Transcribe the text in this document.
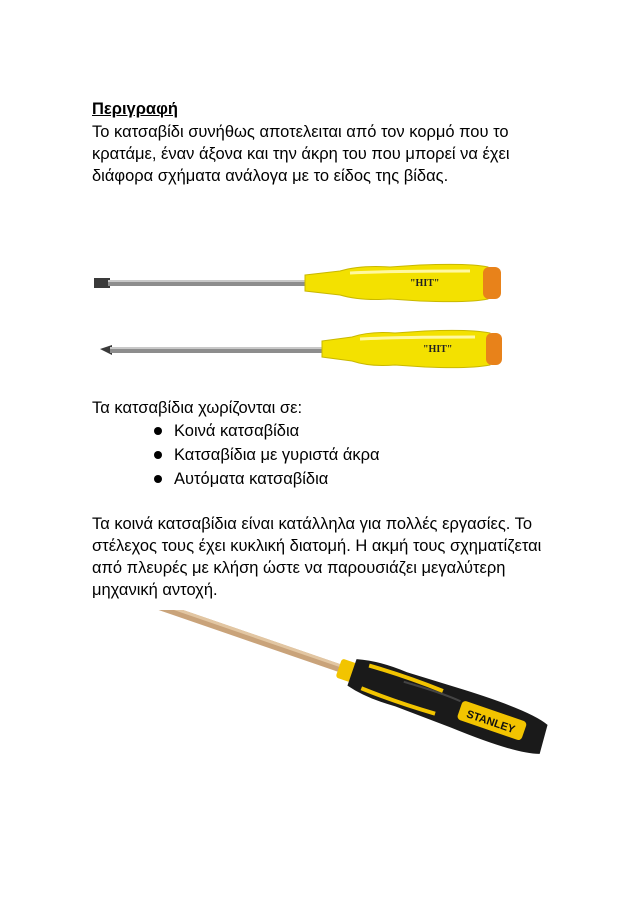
Περιγραφή

Το κατσαβίδι συνήθως αποτελειται από τον κορμό που το κρατάμε, έναν άξονα και την άκρη του που μπορεί να έχει διάφορα σχήματα ανάλογα με το είδος της βίδας.

"HIT"
"HIT"

Τα κατσαβίδια χωρίζονται σε:

Κοινά κατσαβίδια
Κατσαβίδια με γυριστά άκρα
Αυτόματα κατσαβίδια

Τα κοινά κατσαβίδια είναι κατάλληλα για πολλές εργασίες. Το στέλεχος τους έχει κυκλική διατομή. Η ακμή τους σχηματίζεται από πλευρές με κλήση ώστε να παρουσιάζει μεγαλύτερη μηχανική αντοχή.

STANLEY
